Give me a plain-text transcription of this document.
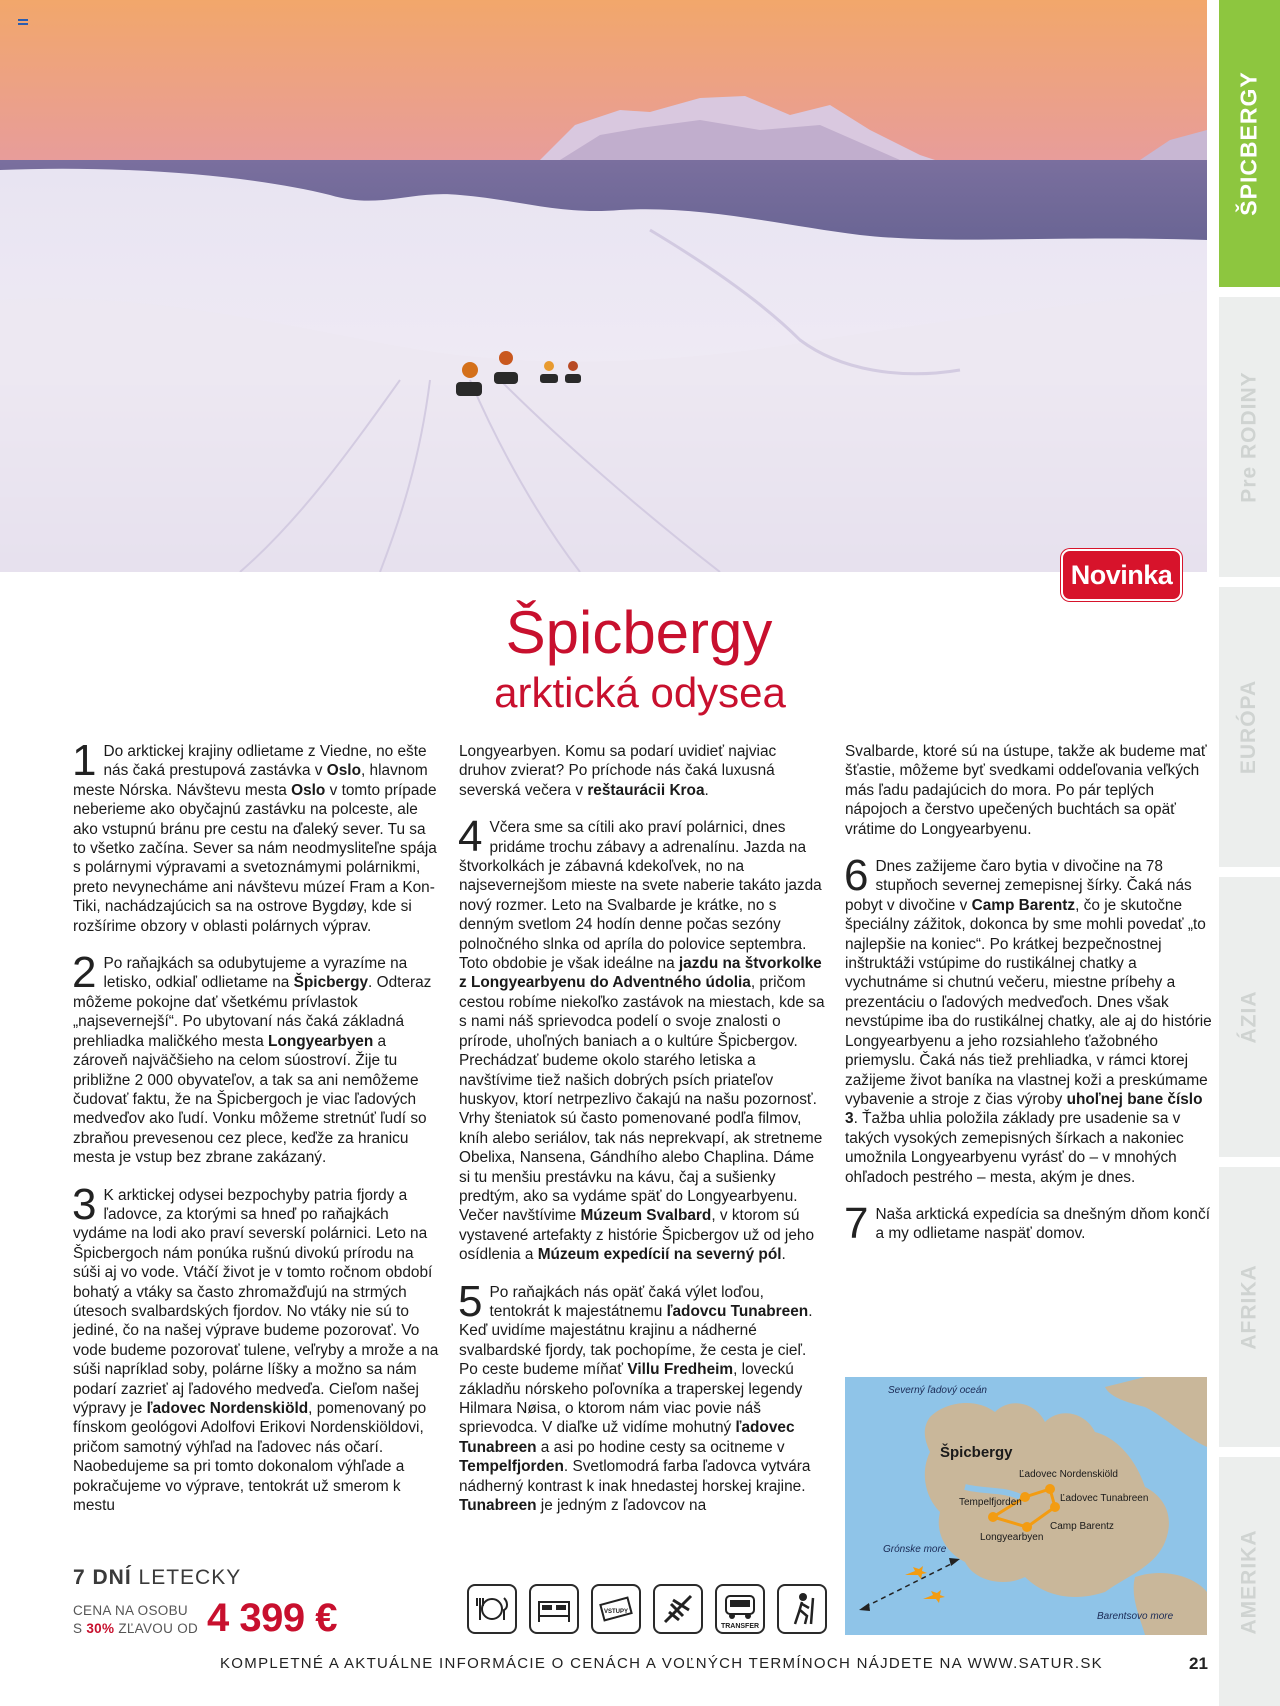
ŠPICBERGY
Pre RODINY
EURÓPA
ÁZIA
AFRIKA
AMERIKA
Novinka
Špicbergy
arktická odysea
1 Do arktickej krajiny odlietame z Viedne, no ešte nás čaká prestupová zastávka v Oslo, hlavnom meste Nórska. Návštevu mesta Oslo v tomto prípade neberieme ako obyčajnú zastávku na polceste, ale ako vstupnú bránu pre cestu na ďaleký sever. Tu sa to všetko začína. Sever sa nám neodmysliteľne spája s polárnymi výpravami a svetoznámymi polárnikmi, preto nevynecháme ani návštevu múzeí Fram a Kon-Tiki, nachádzajúcich sa na ostrove Bygdøy, kde si rozšírime obzory v oblasti polárnych výprav.
2 Po raňajkách sa odubytujeme a vyrazíme na letisko, odkiaľ odlietame na Špicbergy. Odteraz môžeme pokojne dať všetkému prívlastok „najsevernejší“. Po ubytovaní nás čaká základná prehliadka maličkého mesta Longyearbyen a zároveň najväčšieho na celom súostroví. Žije tu približne 2 000 obyvateľov, a tak sa ani nemôžeme čudovať faktu, že na Špicbergoch je viac ľadových medveďov ako ľudí. Vonku môžeme stretnúť ľudí so zbraňou prevesenou cez plece, keďže za hranicu mesta je vstup bez zbrane zakázaný.
3 K arktickej odysei bezpochyby patria fjordy a ľadovce, za ktorými sa hneď po raňajkách vydáme na lodi ako praví severskí polárnici. Leto na Špicbergoch nám ponúka rušnú divokú prírodu na súši aj vo vode. Vtáčí život je v tomto ročnom období bohatý a vtáky sa často zhromažďujú na strmých útesoch svalbardských fjordov. No vtáky nie sú to jediné, čo na našej výprave budeme pozorovať. Vo vode budeme pozorovať tulene, veľryby a mrože a na súši napríklad soby, polárne líšky a možno sa nám podarí zazrieť aj ľadového medveďa. Cieľom našej výpravy je ľadovec Nordenskiöld, pomenovaný po fínskom geológovi Adolfovi Erikovi Nordenskiöldovi, pričom samotný výhľad na ľadovec nás očarí. Naobedujeme sa pri tomto dokonalom výhľade a pokračujeme vo výprave, tentokrát už smerom k mestu
Longyearbyen. Komu sa podarí uvidieť najviac druhov zvierat? Po príchode nás čaká luxusná severská večera v reštaurácii Kroa.
4 Včera sme sa cítili ako praví polárnici, dnes pridáme trochu zábavy a adrenalínu. Jazda na štvorkolkách je zábavná kdekoľvek, no na najsevernejšom mieste na svete naberie takáto jazda nový rozmer. Leto na Svalbarde je krátke, no s denným svetlom 24 hodín denne počas sezóny polnočného slnka od apríla do polovice septembra. Toto obdobie je však ideálne na jazdu na štvorkolke z Longyearbyenu do Adventného údolia, pričom cestou robíme niekoľko zastávok na miestach, kde sa s nami náš sprievodca podelí o svoje znalosti o prírode, uhoľných baniach a o kultúre Špicbergov. Prechádzať budeme okolo starého letiska a navštívime tiež našich dobrých psích priateľov huskyov, ktorí netrpezlivo čakajú na našu pozornosť. Vrhy šteniatok sú často pomenované podľa filmov, kníh alebo seriálov, tak nás neprekvapí, ak stretneme Obelixa, Nansena, Gándhího alebo Chaplina. Dáme si tu menšiu prestávku na kávu, čaj a sušienky predtým, ako sa vydáme späť do Longyearbyenu. Večer navštívime Múzeum Svalbard, v ktorom sú vystavené artefakty z histórie Špicbergov už od jeho osídlenia a Múzeum expedícií na severný pól.
5 Po raňajkách nás opäť čaká výlet loďou, tentokrát k majestátnemu ľadovcu Tunabreen. Keď uvidíme majestátnu krajinu a nádherné svalbardské fjordy, tak pochopíme, že cesta je cieľ. Po ceste budeme míňať Villu Fredheim, loveckú základňu nórskeho poľovníka a traperskej legendy Hilmara Nøisa, o ktorom nám viac povie náš sprievodca. V diaľke už vidíme mohutný ľadovec Tunabreen a asi po hodine cesty sa ocitneme v Tempelfjorden. Svetlomodrá farba ľadovca vytvára nádherný kontrast k inak hnedastej horskej krajine. Tunabreen je jedným z ľadovcov na
Svalbarde, ktoré sú na ústupe, takže ak budeme mať šťastie, môžeme byť svedkami oddeľovania veľkých más ľadu padajúcich do mora. Po pár teplých nápojoch a čerstvo upečených buchtách sa opäť vrátime do Longyearbyenu.
6 Dnes zažijeme čaro bytia v divočine na 78 stupňoch severnej zemepisnej šírky. Čaká nás pobyt v divočine v Camp Barentz, čo je skutočne špeciálny zážitok, dokonca by sme mohli povedať „to najlepšie na koniec“. Po krátkej bezpečnostnej inštruktáži vstúpime do rustikálnej chatky a vychutnáme si chutnú večeru, miestne príbehy a prezentáciu o ľadových medveďoch. Dnes však nevstúpime iba do rustikálnej chatky, ale aj do histórie Longyearbyenu a jeho rozsiahleho ťažobného priemyslu. Čaká nás tiež prehliadka, v rámci ktorej zažijeme život baníka na vlastnej koži a preskúmame vybavenie a stroje z čias výroby uhoľnej bane číslo 3. Ťažba uhlia položila základy pre usadenie sa v takých vysokých zemepisných šírkach a nakoniec umožnila Longyearbyenu vyrásť do – v mnohých ohľadoch pestrého – mesta, akým je dnes.
7 Naša arktická expedícia sa dnešným dňom končí a my odlietame naspäť domov.
7 DNÍ LETECKY
CENA NA OSOBU
S 30% ZĽAVOU OD 4 399 €	VSTUPY
TRANSFER
Severný ľadový oceán
Špicbergy
Ľadovec Nordenskiöld
Tempelfjorden	Ľadovec Tunabreen
Longyearbyen
Camp Barentz
Grónske more
Barentsovo more
KOMPLETNÉ A AKTUÁLNE INFORMÁCIE O CENÁCH A VOĽNÝCH TERMÍNOCH NÁJDETE NA WWW.SATUR.SK	21
